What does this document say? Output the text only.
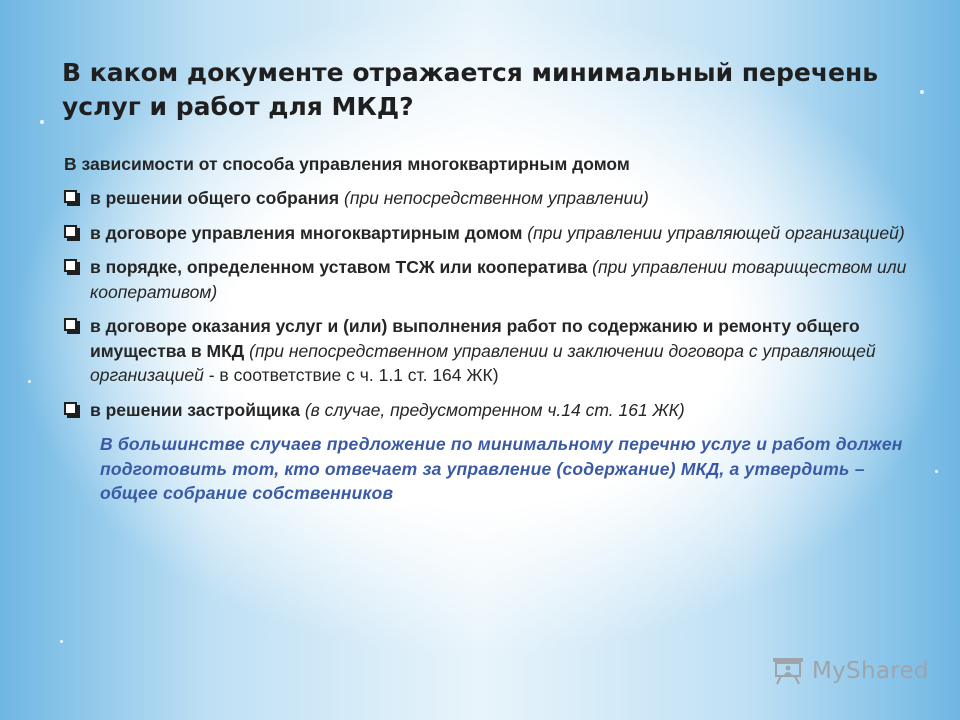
В каком документе отражается минимальный перечень услуг и работ для МКД?

В зависимости от способа управления многоквартирным домом

в решении общего собрания (при непосредственном управлении)
в договоре управления многоквартирным домом (при управлении управляющей организацией)
в порядке, определенном уставом ТСЖ или кооператива (при управлении товариществом или кооперативом)
в договоре оказания услуг и (или) выполнения работ по содержанию и ремонту общего имущества в МКД (при непосредственном управлении и заключении договора с управляющей организацией - в соответствие с ч. 1.1 ст. 164 ЖК)
в решении застройщика (в случае, предусмотренном ч.14 ст. 161 ЖК)

В большинстве случаев предложение по минимальному перечню услуг и работ должен подготовить тот, кто отвечает за управление (содержание) МКД, а утвердить – общее собрание собственников

MyShared
